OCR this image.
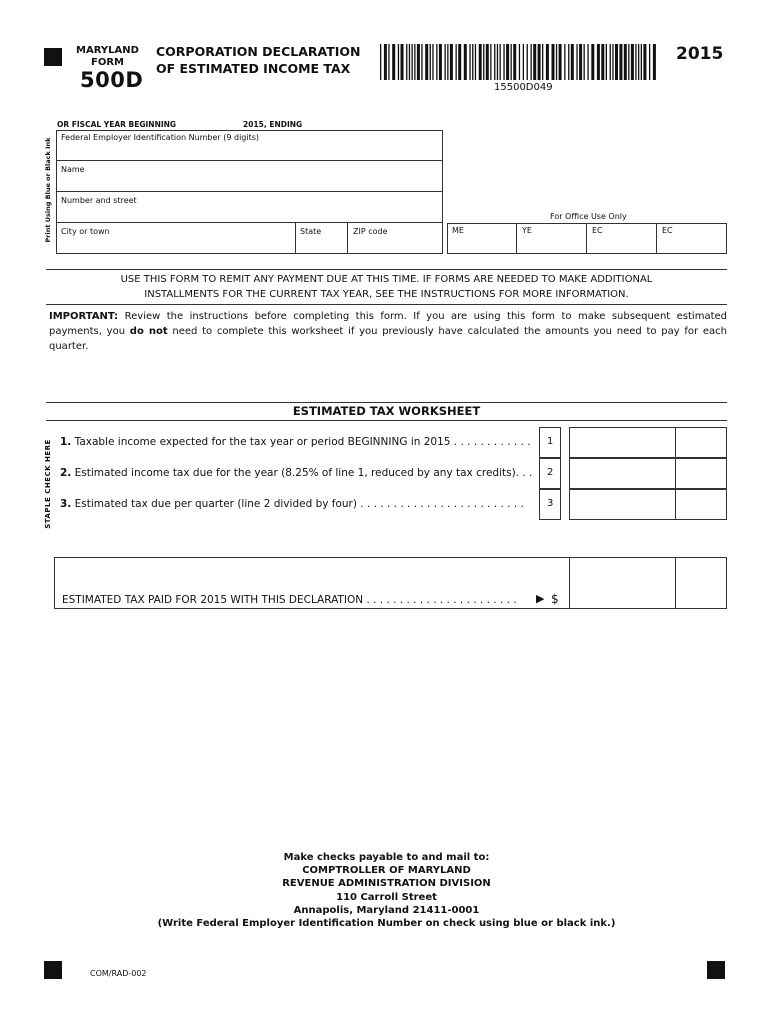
MARYLAND
FORM
500D
CORPORATION DECLARATION
OF ESTIMATED INCOME TAX
15500D049
2015
OR FISCAL YEAR BEGINNING	2015, ENDING
Print Using Blue or Black Ink
Federal Employer Identification Number (9 digits)
Name
Number and street
City or town	State	ZIP code
For Office Use Only
ME	YE	EC	EC
USE THIS FORM TO REMIT ANY PAYMENT DUE AT THIS TIME. IF FORMS ARE NEEDED TO MAKE ADDITIONAL
INSTALLMENTS FOR THE CURRENT TAX YEAR, SEE THE INSTRUCTIONS FOR MORE INFORMATION.
IMPORTANT: Review the instructions before completing this form. If you are using this form to make subsequent estimated
payments, you do not need to complete this worksheet if you previously have calculated the amounts you need to pay for each
quarter.
ESTIMATED TAX WORKSHEET
STAPLE CHECK HERE 1. Taxable income expected for the tax year or period BEGINNING in 2015 . . . . . . . . . . . .
2. Estimated income tax due for the year (8.25% of line 1, reduced by any tax credits). . .
3. Estimated tax due per quarter (line 2 divided by four) . . . . . . . . . . . . . . . . . . . . . . . . .
1
2
3
ESTIMATED TAX PAID FOR 2015 WITH THIS DECLARATION . . . . . . . . . . . . . . . . . . . . . . . ▶ $
Make checks payable to and mail to:
COMPTROLLER OF MARYLAND
REVENUE ADMINISTRATION DIVISION
110 Carroll Street
Annapolis, Maryland 21411-0001
(Write Federal Employer Identification Number on check using blue or black ink.)
COM/RAD-002
